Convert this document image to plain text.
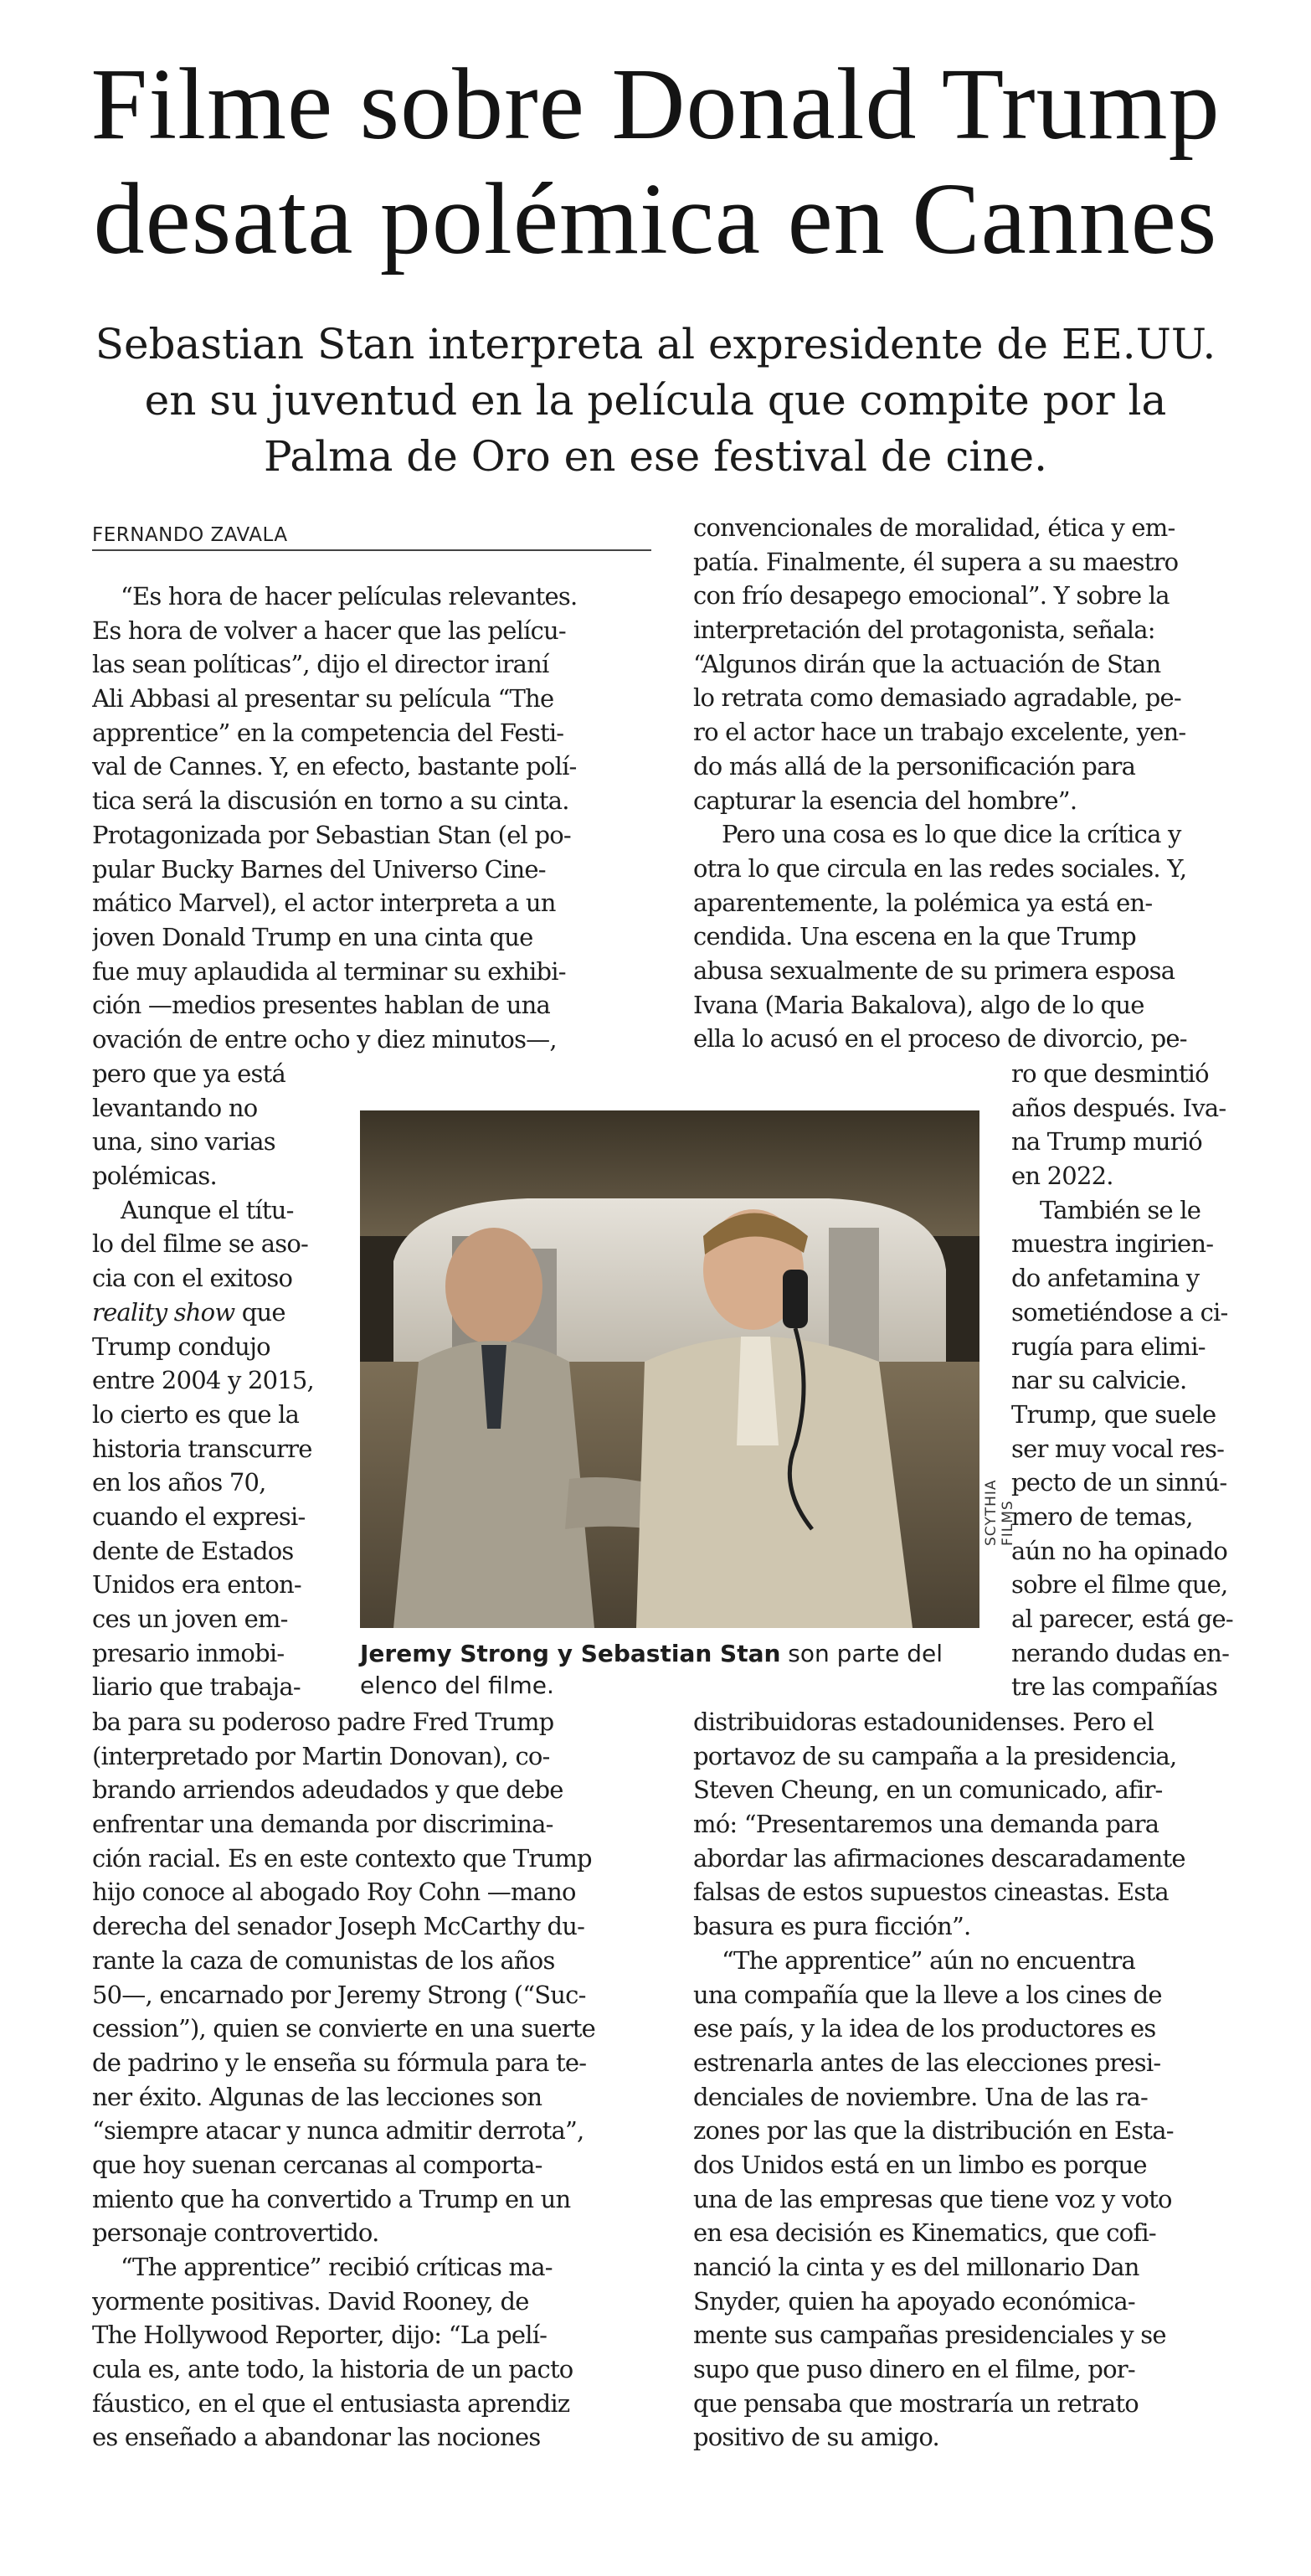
Filme sobre Donald Trump
desata polémica en Cannes
Sebastian Stan interpreta al expresidente de EE.UU.
en su juventud en la película que compite por la
Palma de Oro en ese festival de cine.
FERNANDO ZAVALA
“Es hora de hacer películas relevantes.
Es hora de volver a hacer que las pelícu-
las sean políticas”, dijo el director iraní
Ali Abbasi al presentar su película “The
apprentice” en la competencia del Festi-
val de Cannes. Y, en efecto, bastante polí-
tica será la discusión en torno a su cinta.
Protagonizada por Sebastian Stan (el po-
pular Bucky Barnes del Universo Cine-
mático Marvel), el actor interpreta a un
joven Donald Trump en una cinta que
fue muy aplaudida al terminar su exhibi-
ción —medios presentes hablan de una
ovación de entre ocho y diez minutos—,
pero que ya está
levantando no
una, sino varias
polémicas.
Aunque el títu-
lo del filme se aso-
cia con el exitoso
reality show que
Trump condujo
entre 2004 y 2015,
lo cierto es que la
historia transcurre
en los años 70,
cuando el expresi-
dente de Estados
Unidos era enton-
ces un joven em-
presario inmobi-
liario que trabaja-
ba para su poderoso padre Fred Trump
(interpretado por Martin Donovan), co-
brando arriendos adeudados y que debe
enfrentar una demanda por discrimina-
ción racial. Es en este contexto que Trump
hijo conoce al abogado Roy Cohn —mano
derecha del senador Joseph McCarthy du-
rante la caza de comunistas de los años
50—, encarnado por Jeremy Strong (“Suc-
cession”), quien se convierte en una suerte
de padrino y le enseña su fórmula para te-
ner éxito. Algunas de las lecciones son
“siempre atacar y nunca admitir derrota”,
que hoy suenan cercanas al comporta-
miento que ha convertido a Trump en un
personaje controvertido.
“The apprentice” recibió críticas ma-
yormente positivas. David Rooney, de
The Hollywood Reporter, dijo: “La pelí-
cula es, ante todo, la historia de un pacto
fáustico, en el que el entusiasta aprendiz
es enseñado a abandonar las nociones
convencionales de moralidad, ética y em-
patía. Finalmente, él supera a su maestro
con frío desapego emocional”. Y sobre la
interpretación del protagonista, señala:
“Algunos dirán que la actuación de Stan
lo retrata como demasiado agradable, pe-
ro el actor hace un trabajo excelente, yen-
do más allá de la personificación para
capturar la esencia del hombre”.
Pero una cosa es lo que dice la crítica y
otra lo que circula en las redes sociales. Y,
aparentemente, la polémica ya está en-
cendida. Una escena en la que Trump
abusa sexualmente de su primera esposa
Ivana (Maria Bakalova), algo de lo que
ella lo acusó en el proceso de divorcio, pe-
ro que desmintió
años después. Iva-
na Trump murió
en 2022.
También se le
muestra ingirien-
do anfetamina y
sometiéndose a ci-
rugía para elimi-
nar su calvicie.
Trump, que suele
ser muy vocal res-
pecto de un sinnú-
mero de temas,
aún no ha opinado
sobre el filme que,
al parecer, está ge-
nerando dudas en-
tre las compañías
distribuidoras estadounidenses. Pero el
portavoz de su campaña a la presidencia,
Steven Cheung, en un comunicado, afir-
mó: “Presentaremos una demanda para
abordar las afirmaciones descaradamente
falsas de estos supuestos cineastas. Esta
basura es pura ficción”.
“The apprentice” aún no encuentra
una compañía que la lleve a los cines de
ese país, y la idea de los productores es
estrenarla antes de las elecciones presi-
denciales de noviembre. Una de las ra-
zones por las que la distribución en Esta-
dos Unidos está en un limbo es porque
una de las empresas que tiene voz y voto
en esa decisión es Kinematics, que cofi-
nanció la cinta y es del millonario Dan
Snyder, quien ha apoyado económica-
mente sus campañas presidenciales y se
supo que puso dinero en el filme, por-
que pensaba que mostraría un retrato
positivo de su amigo.
SCYTHIA FILMS
Jeremy Strong y Sebastian Stan son parte del
elenco del filme.
